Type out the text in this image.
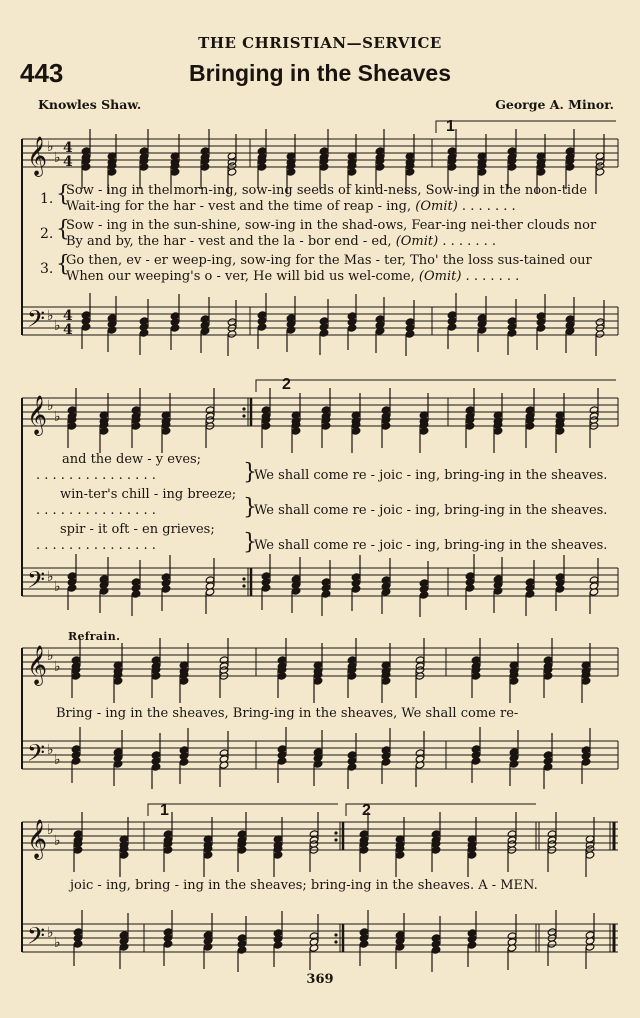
𝄞
𝄢
♭
♭
♭
♭
4
4
4
4
𝄞
𝄢
♭
♭
♭
♭
𝄞
𝄢
♭
♭
♭
♭
𝄞
𝄢
♭
♭
♭
♭
1
2
1	2
THE CHRISTIAN—SERVICE
443	Bringing in the Sheaves
Knowles Shaw.	George A. Minor.
1. {
Sow - ing in the morn-ing, sow-ing seeds of kind-ness, Sow-ing in the noon-tide
Wait-ing for the har - vest and the time of reap - ing, (Omit) . . . . . . .
2. {
Sow - ing in the sun-shine, sow-ing in the shad-ows, Fear-ing nei-ther clouds nor
By and by, the har - vest and the la - bor end - ed, (Omit) . . . . . . .
3. {
Go then, ev - er weep-ing, sow-ing for the Mas - ter, Tho' the loss sus-tained our
When our weeping's o - ver, He will bid us wel-come, (Omit) . . . . . . .
and the dew - y eves;
}
. . . . . . . . . . . . . . .	We shall come re - joic - ing, bring-ing in the sheaves.
win-ter's chill - ing breeze;
}
. . . . . . . . . . . . . . .	We shall come re - joic - ing, bring-ing in the sheaves.
spir - it oft - en grieves;
}
. . . . . . . . . . . . . . .	We shall come re - joic - ing, bring-ing in the sheaves.
Refrain.
Bring - ing in the sheaves, Bring-ing in the sheaves, We shall come re-
joic - ing, bring - ing in the sheaves; bring-ing in the sheaves. A - MEN.
369
